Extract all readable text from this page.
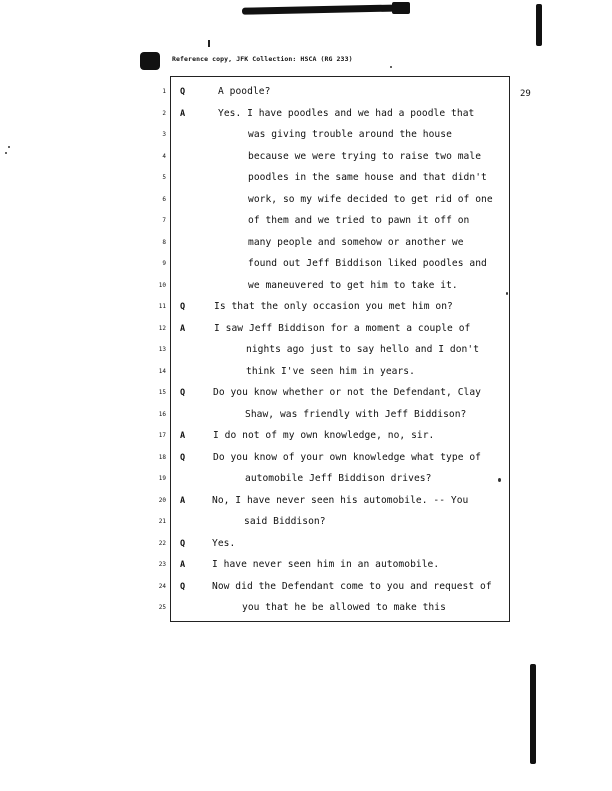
Reference copy, JFK Collection: HSCA (RG 233)
29
1
2
3
4
5
6
7
8
9
10
11
12
13
14
15
16
17
18
19
20
21
22
23
24
25
Q
A
Q
A
Q
A
Q
A
Q
A
Q
A poodle?
Yes. I have poodles and we had a poodle that
was giving trouble around the house
because we were trying to raise two male
poodles in the same house and that didn't
work, so my wife decided to get rid of one
of them and we tried to pawn it off on
many people and somehow or another we
found out Jeff Biddison liked poodles and
we maneuvered to get him to take it.
Is that the only occasion you met him on?
I saw Jeff Biddison for a moment a couple of
nights ago just to say hello and I don't
think I've seen him in years.
Do you know whether or not the Defendant, Clay
Shaw, was friendly with Jeff Biddison?
I do not of my own knowledge, no, sir.
Do you know of your own knowledge what type of
automobile Jeff Biddison drives?
No, I have never seen his automobile. -- You
said Biddison?
Yes.
I have never seen him in an automobile.
Now did the Defendant come to you and request of
you that he be allowed to make this
